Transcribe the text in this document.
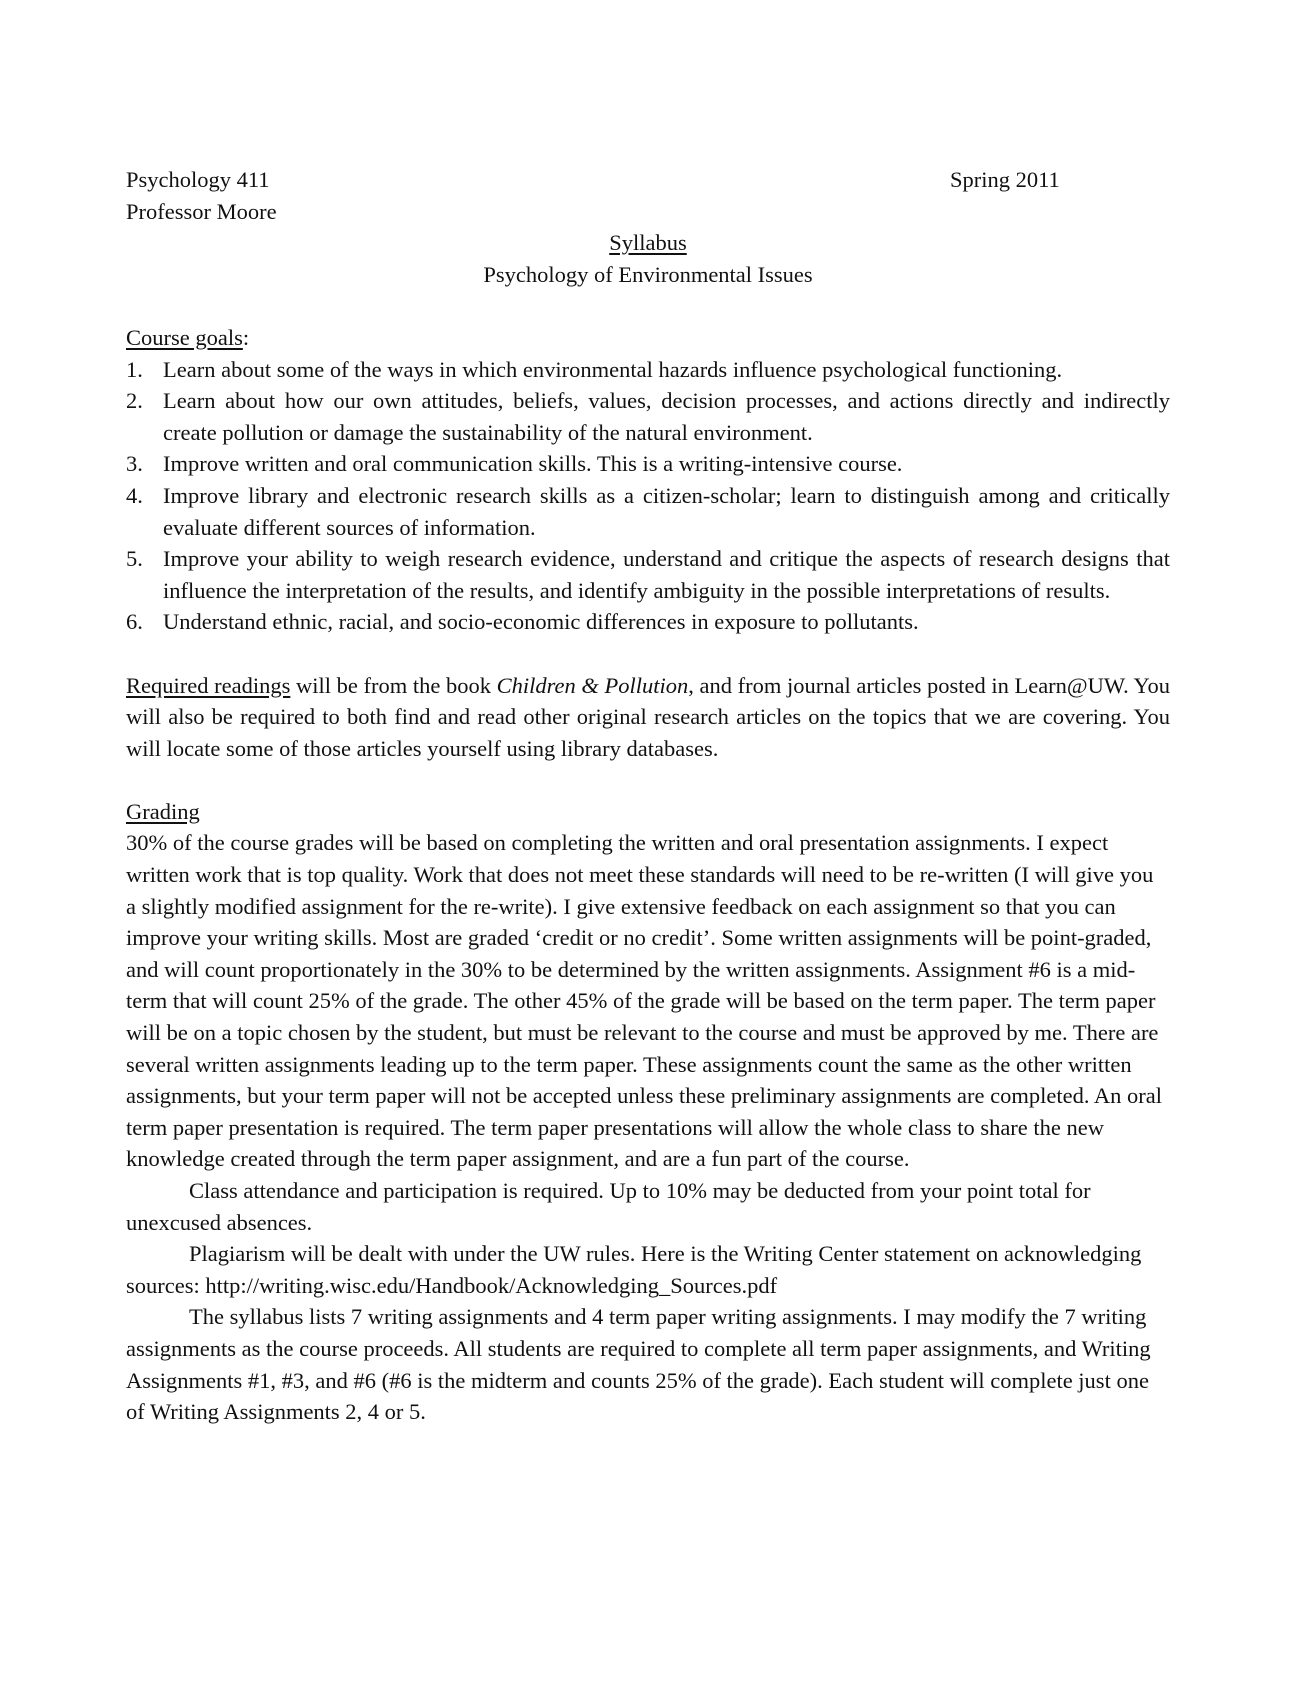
Psychology 411	Spring 2011
Professor Moore
Syllabus
Psychology of Environmental Issues
Course goals:
1. Learn about some of the ways in which environmental hazards influence psychological functioning.
2. Learn about how our own attitudes, beliefs, values, decision processes, and actions directly and indirectly create pollution or damage the sustainability of the natural environment.
3. Improve written and oral communication skills. This is a writing-intensive course.
4. Improve library and electronic research skills as a citizen-scholar; learn to distinguish among and critically evaluate different sources of information.
5. Improve your ability to weigh research evidence, understand and critique the aspects of research designs that influence the interpretation of the results, and identify ambiguity in the possible interpretations of results.
6. Understand ethnic, racial, and socio-economic differences in exposure to pollutants.

Required readings will be from the book Children & Pollution, and from journal articles posted in Learn@UW. You will also be required to both find and read other original research articles on the topics that we are covering. You will locate some of those articles yourself using library databases.

Grading

30% of the course grades will be based on completing the written and oral presentation assignments. I expect written work that is top quality. Work that does not meet these standards will need to be re-written (I will give you a slightly modified assignment for the re-write). I give extensive feedback on each assignment so that you can improve your writing skills. Most are graded ‘credit or no credit’. Some written assignments will be point-graded, and will count proportionately in the 30% to be determined by the written assignments. Assignment #6 is a mid-term that will count 25% of the grade. The other 45% of the grade will be based on the term paper. The term paper will be on a topic chosen by the student, but must be relevant to the course and must be approved by me. There are several written assignments leading up to the term paper. These assignments count the same as the other written assignments, but your term paper will not be accepted unless these preliminary assignments are completed. An oral term paper presentation is required. The term paper presentations will allow the whole class to share the new knowledge created through the term paper assignment, and are a fun part of the course.

Class attendance and participation is required. Up to 10% may be deducted from your point total for unexcused absences.

Plagiarism will be dealt with under the UW rules. Here is the Writing Center statement on acknowledging sources: http://writing.wisc.edu/Handbook/Acknowledging_Sources.pdf

The syllabus lists 7 writing assignments and 4 term paper writing assignments. I may modify the 7 writing assignments as the course proceeds. All students are required to complete all term paper assignments, and Writing Assignments #1, #3, and #6 (#6 is the midterm and counts 25% of the grade). Each student will complete just one of Writing Assignments 2, 4 or 5.
